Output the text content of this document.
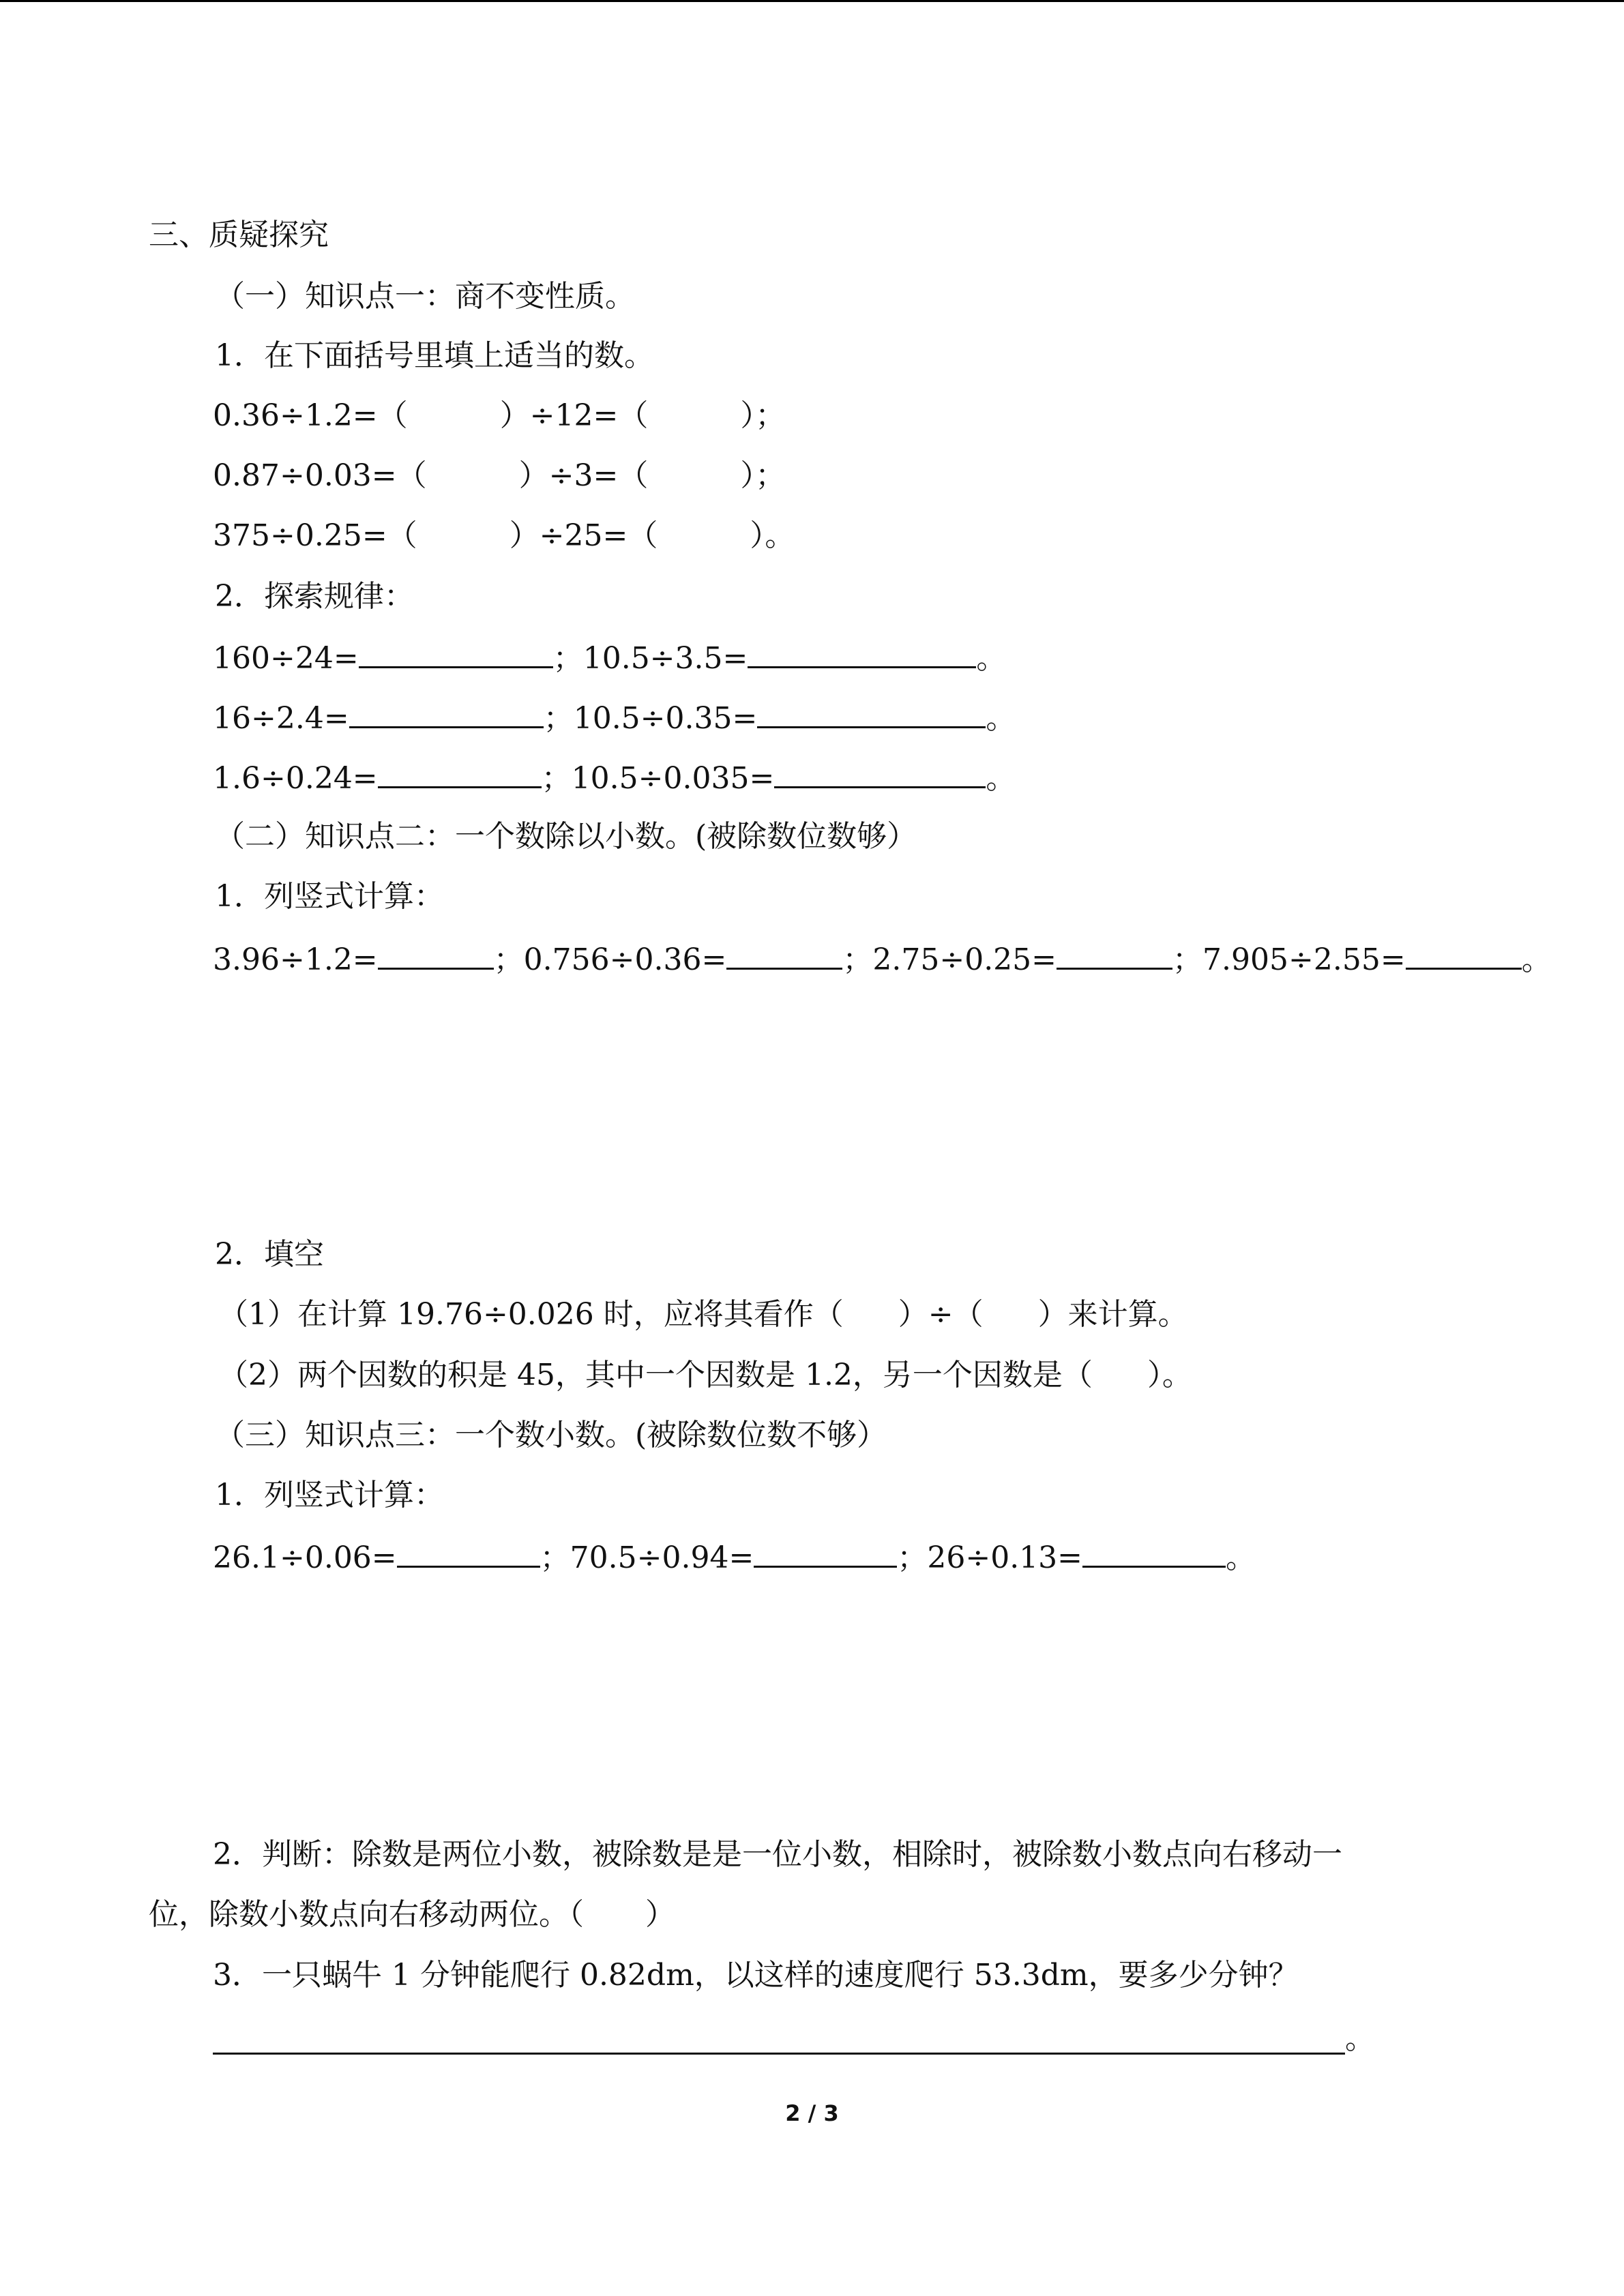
三、质疑探究
（一）知识点一：商不变性质。
1．在下面括号里填上适当的数。
0.36÷1.2=（	）÷12=（	）；
0.87÷0.03=（	）÷3=（	）；
375÷0.25=（	）÷25=（	）。
2．探索规律：
160÷24=	；10.5÷3.5=	。
16÷2.4=	；10.5÷0.35=	。
1.6÷0.24=	；10.5÷0.035=	。
（二）知识点二：一个数除以小数。(被除数位数够）
1．列竖式计算：
3.96÷1.2=	；0.756÷0.36=	；2.75÷0.25=	；7.905÷2.55=	。
2．填空
（1）在计算 19.76÷0.026 时，应将其看作（ ）÷（ ）来计算。
（2）两个因数的积是 45，其中一个因数是 1.2，另一个因数是（ ）。
（三）知识点三：一个数小数。(被除数位数不够）
1．列竖式计算：
26.1÷0.06=	；70.5÷0.94=	；26÷0.13=	。
2．判断：除数是两位小数，被除数是是一位小数，相除时，被除数小数点向右移动一
位，除数小数点向右移动两位。（ ）
3．一只蜗牛 1 分钟能爬行 0.82dm，以这样的速度爬行 53.3dm，要多少分钟？
。
2 / 3
